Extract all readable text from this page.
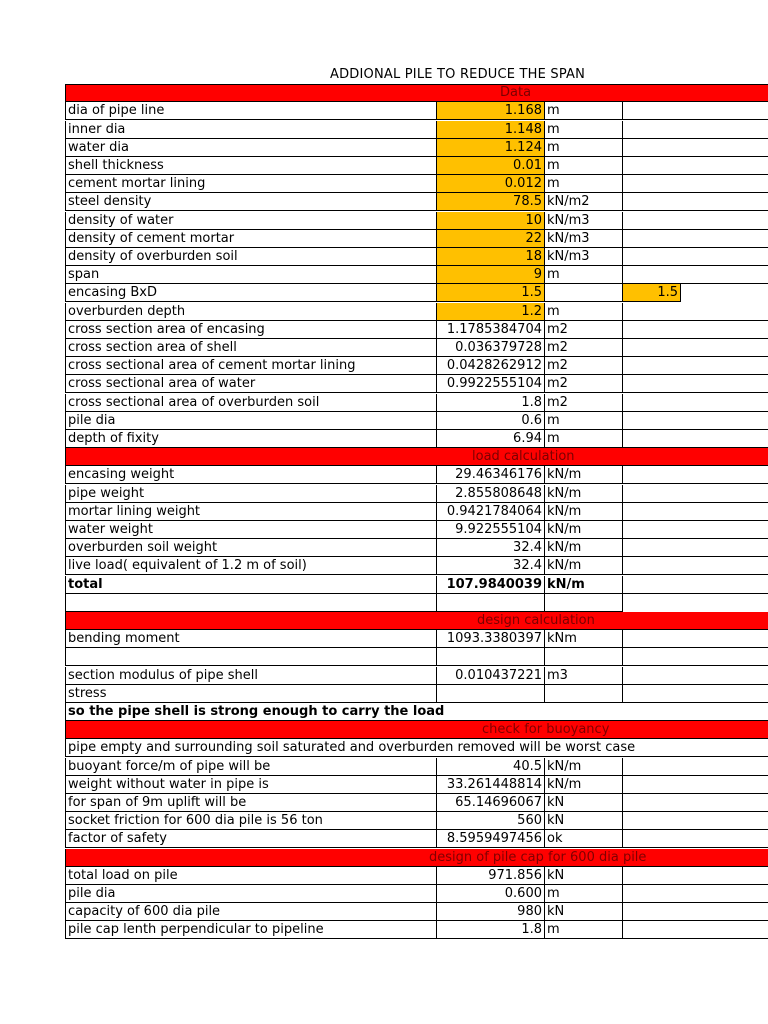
ADDIONAL PILE TO REDUCE THE SPAN
Data
dia of pipe line	1.168 m
inner dia	1.148 m
water dia	1.124 m
shell thickness	0.01 m
cement mortar lining	0.012 m
steel density	78.5 kN/m2
density of water	10 kN/m3
density of cement mortar	22 kN/m3
density of overburden soil	18 kN/m3
span	9 m
encasing BxD	1.5	1.5
overburden depth	1.2 m
cross section area of encasing	1.1785384704 m2
cross section area of shell	0.036379728 m2
cross sectional area of cement mortar lining	0.0428262912 m2
cross sectional area of water	0.9922555104 m2
cross sectional area of overburden soil	1.8 m2
pile dia	0.6 m
depth of fixity	6.94 m
load calculation
encasing weight	29.46346176 kN/m
pipe weight	2.855808648 kN/m
mortar lining weight	0.9421784064 kN/m
water weight	9.922555104 kN/m
overburden soil weight	32.4 kN/m
live load( equivalent of 1.2 m of soil)	32.4 kN/m
total	107.9840039 kN/m
design calculation
bending moment	1093.3380397 kNm
section modulus of pipe shell	0.010437221 m3
stress
so the pipe shell is strong enough to carry the load
check for buoyancy
pipe empty and surrounding soil saturated and overburden removed will be worst case
buoyant force/m of pipe will be	40.5 kN/m
weight without water in pipe is	33.261448814 kN/m
for span of 9m uplift will be	65.14696067 kN
socket friction for 600 dia pile is 56 ton	560 kN
factor of safety	8.5959497456 ok
design of pile cap for 600 dia pile
total load on pile	971.856 kN
pile dia	0.600 m
capacity of 600 dia pile	980 kN
pile cap lenth perpendicular to pipeline	1.8 m
